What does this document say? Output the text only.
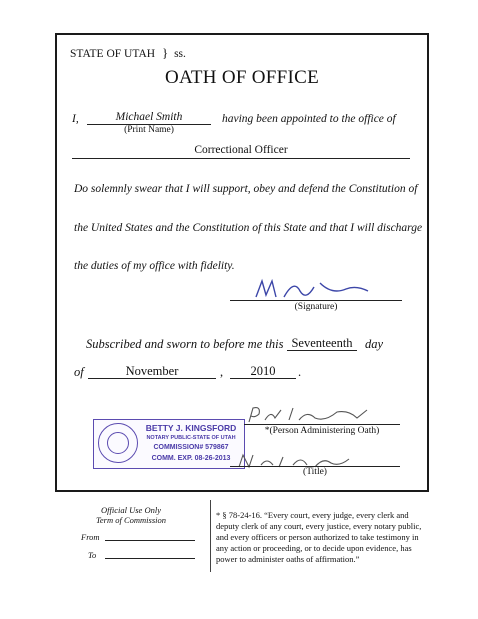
STATE OF UTAH } ss.
OATH OF OFFICE
I,	Michael Smith
(Print Name)
having been appointed to the office of
Correctional Officer
Do solemnly swear that I will support, obey and defend the Constitution of
the United States and the Constitution of this State and that I will discharge
the duties of my office with fidelity.
(Signature)
Subscribed and sworn to before me this Seventeenth day
of	November	,	2010	.
BETTY J. KINGSFORD
NOTARY PUBLIC-STATE OF UTAH
COMMISSION# 579867
COMM. EXP. 08-26-2013
*(Person Administering Oath)
(Title)
Official Use Only
Term of Commission
From
To
* § 78-24-16. “Every court, every judge, every clerk and
deputy clerk of any court, every justice, every notary public,
and every officers or person authorized to take testimony in
any action or proceeding, or to decide upon evidence, has
power to administer oaths of affirmation.”
